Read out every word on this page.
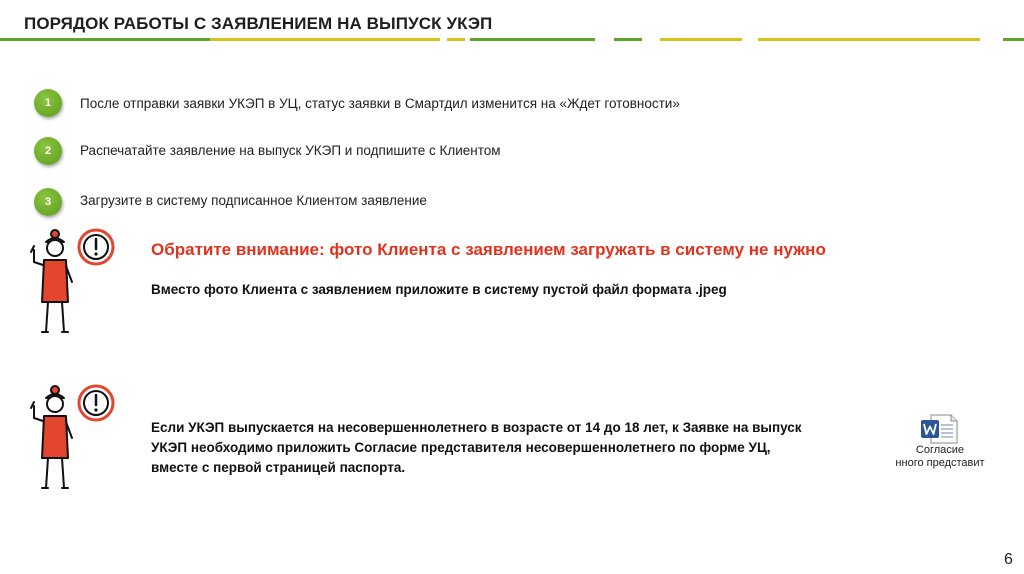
ПОРЯДОК РАБОТЫ С ЗАЯВЛЕНИЕМ НА ВЫПУСК УКЭП
1	После отправки заявки УКЭП в УЦ, статус заявки в Смартдил изменится на «Ждет готовности»
2	Распечатайте заявление на выпуск УКЭП и подпишите с Клиентом
3	Загрузите в систему подписанное Клиентом заявление
Обратите внимание: фото Клиента с заявлением загружать в систему не нужно
Вместо фото Клиента с заявлением приложите в систему пустой файл формата .jpeg
Если УКЭП выпускается на несовершеннолетнего в возрасте от 14 до 18 лет, к Заявке на выпуск
УКЭП необходимо приложить Согласие представителя несовершеннолетнего по форме УЦ,
вместе с первой страницей паспорта.
Согласие
нного представит
6
